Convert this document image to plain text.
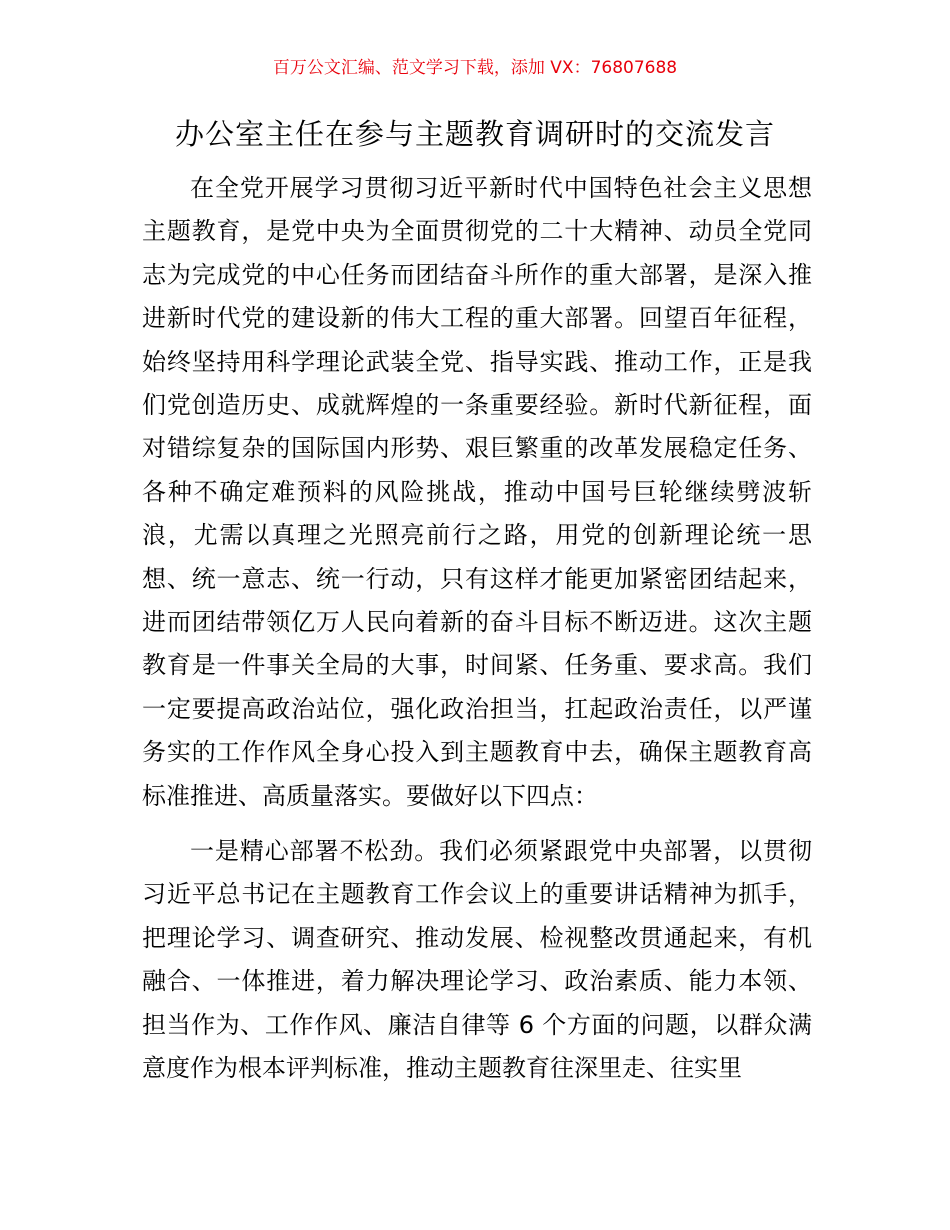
百万公文汇编、范文学习下载，添加 VX：76807688
办公室主任在参与主题教育调研时的交流发言

在全党开展学习贯彻习近平新时代中国特色社会主义思想主题教育，是党中央为全面贯彻党的二十大精神、动员全党同志为完成党的中心任务而团结奋斗所作的重大部署，是深入推进新时代党的建设新的伟大工程的重大部署。回望百年征程，始终坚持用科学理论武装全党、指导实践、推动工作，正是我们党创造历史、成就辉煌的一条重要经验。新时代新征程，面对错综复杂的国际国内形势、艰巨繁重的改革发展稳定任务、各种不确定难预料的风险挑战，推动中国号巨轮继续劈波斩浪，尤需以真理之光照亮前行之路，用党的创新理论统一思想、统一意志、统一行动，只有这样才能更加紧密团结起来，进而团结带领亿万人民向着新的奋斗目标不断迈进。这次主题教育是一件事关全局的大事，时间紧、任务重、要求高。我们一定要提高政治站位，强化政治担当，扛起政治责任，以严谨务实的工作作风全身心投入到主题教育中去，确保主题教育高标准推进、高质量落实。要做好以下四点：

一是精心部署不松劲。我们必须紧跟党中央部署，以贯彻习近平总书记在主题教育工作会议上的重要讲话精神为抓手，把理论学习、调查研究、推动发展、检视整改贯通起来，有机融合、一体推进，着力解决理论学习、政治素质、能力本领、担当作为、工作作风、廉洁自律等 6 个方面的问题，以群众满意度作为根本评判标准，推动主题教育往深里走、往实里
